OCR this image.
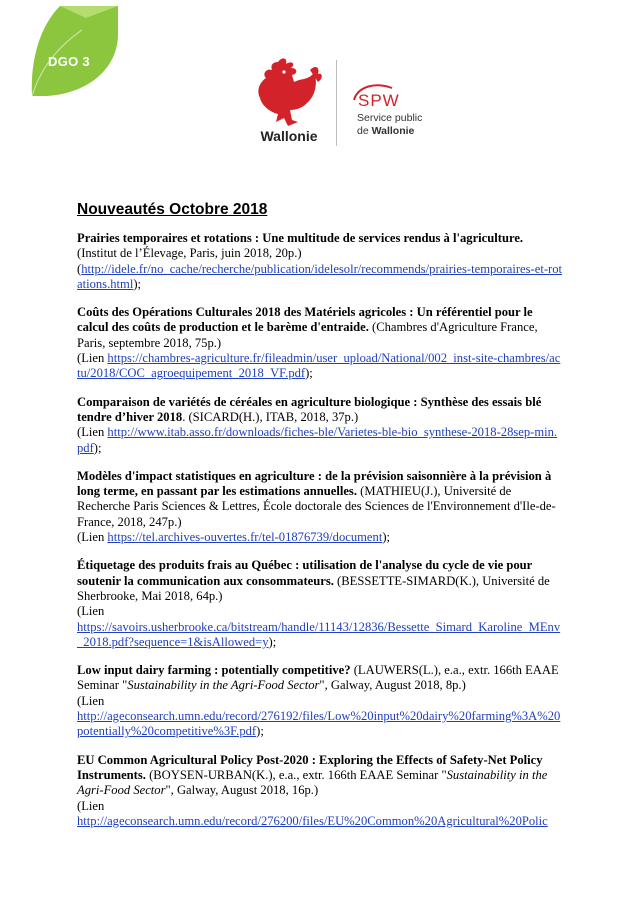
DGO 3
Wallonie
SPW
Service public
de Wallonie
Nouveautés Octobre 2018
Prairies temporaires et rotations : Une multitude de services rendus à l'agriculture.
(Institut de l’Élevage, Paris, juin 2018, 20p.)
(http://idele.fr/no_cache/recherche/publication/idelesolr/recommends/prairies-temporaires-et-rotations.html);
Coûts des Opérations Culturales 2018 des Matériels agricoles : Un référentiel pour le calcul des coûts de production et le barème d'entraide. (Chambres d'Agriculture France, Paris, septembre 2018, 75p.)
(Lien https://chambres-agriculture.fr/fileadmin/user_upload/National/002_inst-site-chambres/actu/2018/COC_agroequipement_2018_VF.pdf);
Comparaison de variétés de céréales en agriculture biologique : Synthèse des essais blé tendre d’hiver 2018. (SICARD(H.), ITAB, 2018, 37p.)
(Lien http://www.itab.asso.fr/downloads/fiches-ble/Varietes-ble-bio_synthese-2018-28sep-min.pdf);
Modèles d'impact statistiques en agriculture : de la prévision saisonnière à la prévision à long terme, en passant par les estimations annuelles. (MATHIEU(J.), Université de Recherche Paris Sciences & Lettres, École doctorale des Sciences de l'Environnement d'Ile-de-France, 2018, 247p.)
(Lien https://tel.archives-ouvertes.fr/tel-01876739/document);
Étiquetage des produits frais au Québec : utilisation de l'analyse du cycle de vie pour soutenir la communication aux consommateurs. (BESSETTE-SIMARD(K.), Université de Sherbrooke, Mai 2018, 64p.)
(Lien
https://savoirs.usherbrooke.ca/bitstream/handle/11143/12836/Bessette_Simard_Karoline_MEnv_2018.pdf?sequence=1&isAllowed=y);
Low input dairy farming : potentially competitive? (LAUWERS(L.), e.a., extr. 166th EAAE Seminar "Sustainability in the Agri-Food Sector", Galway, August 2018, 8p.)
(Lien
http://ageconsearch.umn.edu/record/276192/files/Low%20input%20dairy%20farming%3A%20potentially%20competitive%3F.pdf);
EU Common Agricultural Policy Post-2020 : Exploring the Effects of Safety-Net Policy Instruments. (BOYSEN-URBAN(K.), e.a., extr. 166th EAAE Seminar "Sustainability in the Agri-Food Sector", Galway, August 2018, 16p.)
(Lien
http://ageconsearch.umn.edu/record/276200/files/EU%20Common%20Agricultural%20Polic
